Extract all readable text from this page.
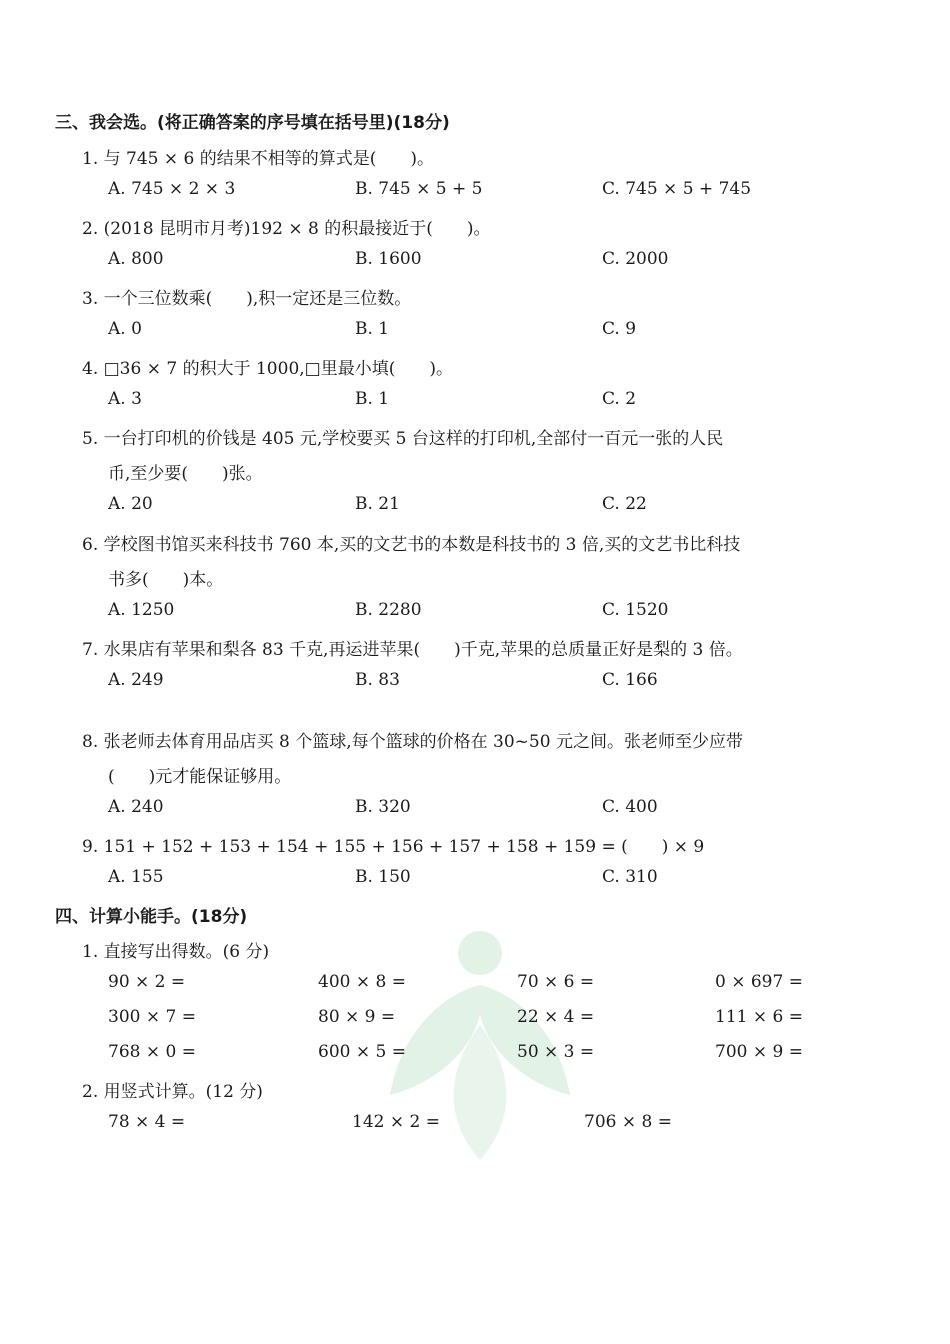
三、我会选。(将正确答案的序号填在括号里)(18分)
1. 与 745 × 6 的结果不相等的算式是(　　)。
A. 745 × 2 × 3	B. 745 × 5 + 5	C. 745 × 5 + 745
2. (2018 昆明市月考)192 × 8 的积最接近于(　　)。
A. 800	B. 1600	C. 2000
3. 一个三位数乘(　　),积一定还是三位数。
A. 0	B. 1	C. 9
4. □36 × 7 的积大于 1000,□里最小填(　　)。
A. 3	B. 1	C. 2
5. 一台打印机的价钱是 405 元,学校要买 5 台这样的打印机,全部付一百元一张的人民
币,至少要(　　)张。
A. 20	B. 21	C. 22
6. 学校图书馆买来科技书 760 本,买的文艺书的本数是科技书的 3 倍,买的文艺书比科技
书多(　　)本。
A. 1250	B. 2280	C. 1520
7. 水果店有苹果和梨各 83 千克,再运进苹果(　　)千克,苹果的总质量正好是梨的 3 倍。
A. 249	B. 83	C. 166
8. 张老师去体育用品店买 8 个篮球,每个篮球的价格在 30~50 元之间。张老师至少应带
(　　)元才能保证够用。
A. 240	B. 320	C. 400
9. 151 + 152 + 153 + 154 + 155 + 156 + 157 + 158 + 159 = (　　) × 9
A. 155	B. 150	C. 310
四、计算小能手。(18分)
1. 直接写出得数。(6 分)
90 × 2 =	400 × 8 =	70 × 6 =	0 × 697 =
300 × 7 =	80 × 9 =	22 × 4 =	111 × 6 =
768 × 0 =	600 × 5 =	50 × 3 =	700 × 9 =
2. 用竖式计算。(12 分)
78 × 4 =	142 × 2 =	706 × 8 =
